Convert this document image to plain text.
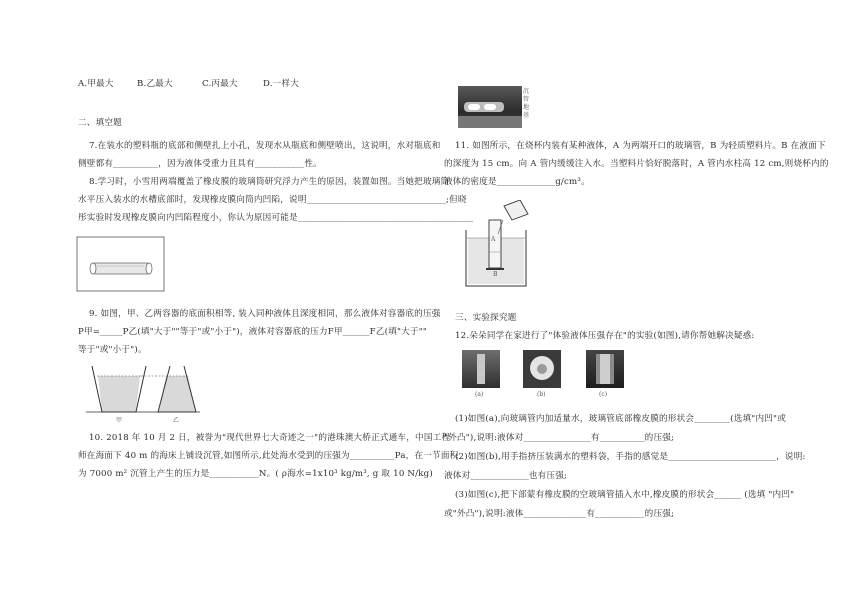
A.甲最大	B.乙最大	C.丙最大	D.一样大
二、填空题
7.在装水的塑料瓶的底部和侧壁扎上小孔，发现水从瓶底和侧壁喷出，这说明，水对瓶底和
侧壁都有__________，因为液体受重力且具有___________性。
8.学习时，小雪用两端覆盖了橡皮膜的玻璃筒研究浮力产生的原因，装置如图。当她把玻璃筒
水平压入装水的水槽底部时，发现橡皮膜向筒内凹陷，说明_______________________________;但晓
彤实验时发现橡皮膜向内凹陷程度小，你认为原因可能是_______________________________________
9. 如图，甲、乙两容器的底面积相等, 装入同种液体且深度相同，那么液体对容器底的压强
P甲=_____P乙(填"大于""等于"或"小于")，液体对容器底的压力F甲______F乙(填"大于""
等于"或"小于")。
甲	乙
10. 2018 年 10 月 2 日，被誉为"现代世界七大奇迹之一"的港珠澳大桥正式通车，中国工程
师在海面下 40 m 的海床上铺设沉管,如图所示,此处海水受到的压强为__________Pa，在一节面积
为 7000 m² 沉管上产生的压力是___________N。( ρ海水=1x10³ kg/m³, g 取 10 N/kg)
沉管地基
11. 如图所示，在烧杯内装有某种液体，A 为两端开口的玻璃管，B 为轻质塑料片。B 在液面下
的深度为 15 cm。向 A 管内缓缓注入水。当塑料片恰好脱落时，A 管内水柱高 12 cm,则烧杯内的
液体的密度是_____________g/cm³。
A
B
三、实验探究题
12.朵朵同学在家进行了"体验液体压强存在"的实验(如图),请你帮她解决疑惑:
(a)	(b)	(c)
(1)如图(a),向玻璃管内加适量水，玻璃管底部橡皮膜的形状会________(选填"内凹"或
"外凸"),说明:液体对_______________有__________的压强;
(2)如图(b),用手指挤压装满水的塑料袋，手指的感觉是________________________，说明:
液体对_____________也有压强;
(3)如图(c),把下部蒙有橡皮膜的空玻璃管插入水中,橡皮膜的形状会______ (选填 "内凹"
或"外凸"),说明:液体______________有___________的压强;
